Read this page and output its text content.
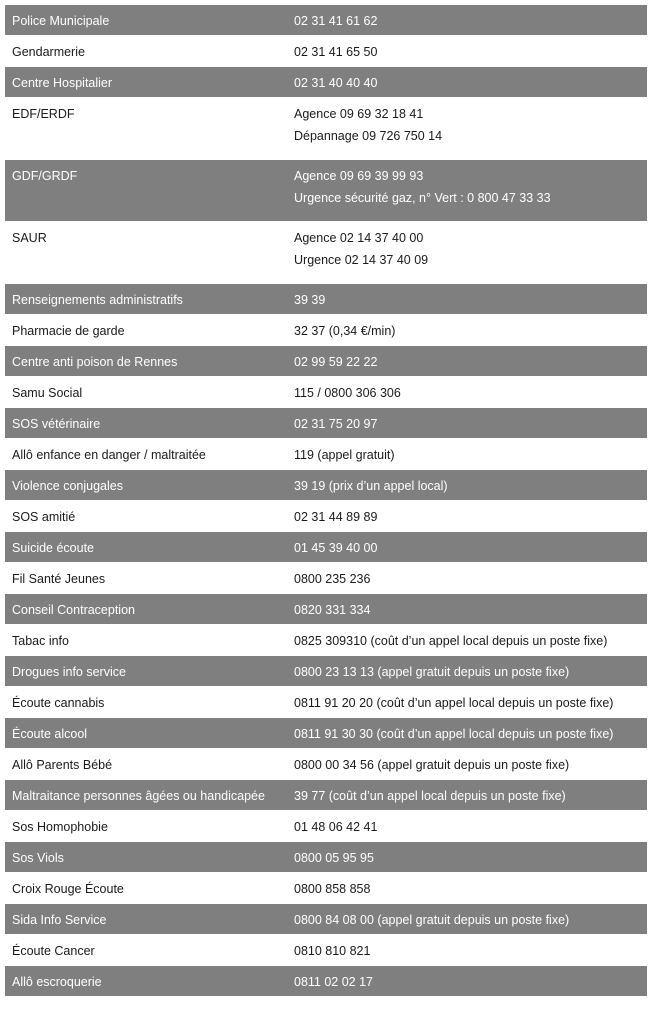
Police Municipale	02 31 41 61 62
Gendarmerie	02 31 41 65 50
Centre Hospitalier	02 31 40 40 40
EDF/ERDF	Agence 09 69 32 18 41
Dépannage 09 726 750 14
GDF/GRDF	Agence 09 69 39 99 93
Urgence sécurité gaz, n° Vert : 0 800 47 33 33
SAUR	Agence 02 14 37 40 00
Urgence 02 14 37 40 09
Renseignements administratifs	39 39
Pharmacie de garde	32 37 (0,34 €/min)
Centre anti poison de Rennes	02 99 59 22 22
Samu Social	115 / 0800 306 306
SOS vétérinaire	02 31 75 20 97
Allô enfance en danger / maltraitée	119 (appel gratuit)
Violence conjugales	39 19 (prix d’un appel local)
SOS amitié	02 31 44 89 89
Suicide écoute	01 45 39 40 00
Fil Santé Jeunes	0800 235 236
Conseil Contraception	0820 331 334
Tabac info	0825 309310 (coût d’un appel local depuis un poste fixe)
Drogues info service	0800 23 13 13 (appel gratuit depuis un poste fixe)
Écoute cannabis	0811 91 20 20 (coût d’un appel local depuis un poste fixe)
Écoute alcool	0811 91 30 30 (coût d’un appel local depuis un poste fixe)
Allô Parents Bébé	0800 00 34 56 (appel gratuit depuis un poste fixe)
Maltraitance personnes âgées ou handicapée	39 77 (coût d’un appel local depuis un poste fixe)
Sos Homophobie	01 48 06 42 41
Sos Viols	0800 05 95 95
Croix Rouge Écoute	0800 858 858
Sida Info Service	0800 84 08 00 (appel gratuit depuis un poste fixe)
Écoute Cancer	0810 810 821
Allô escroquerie	0811 02 02 17
